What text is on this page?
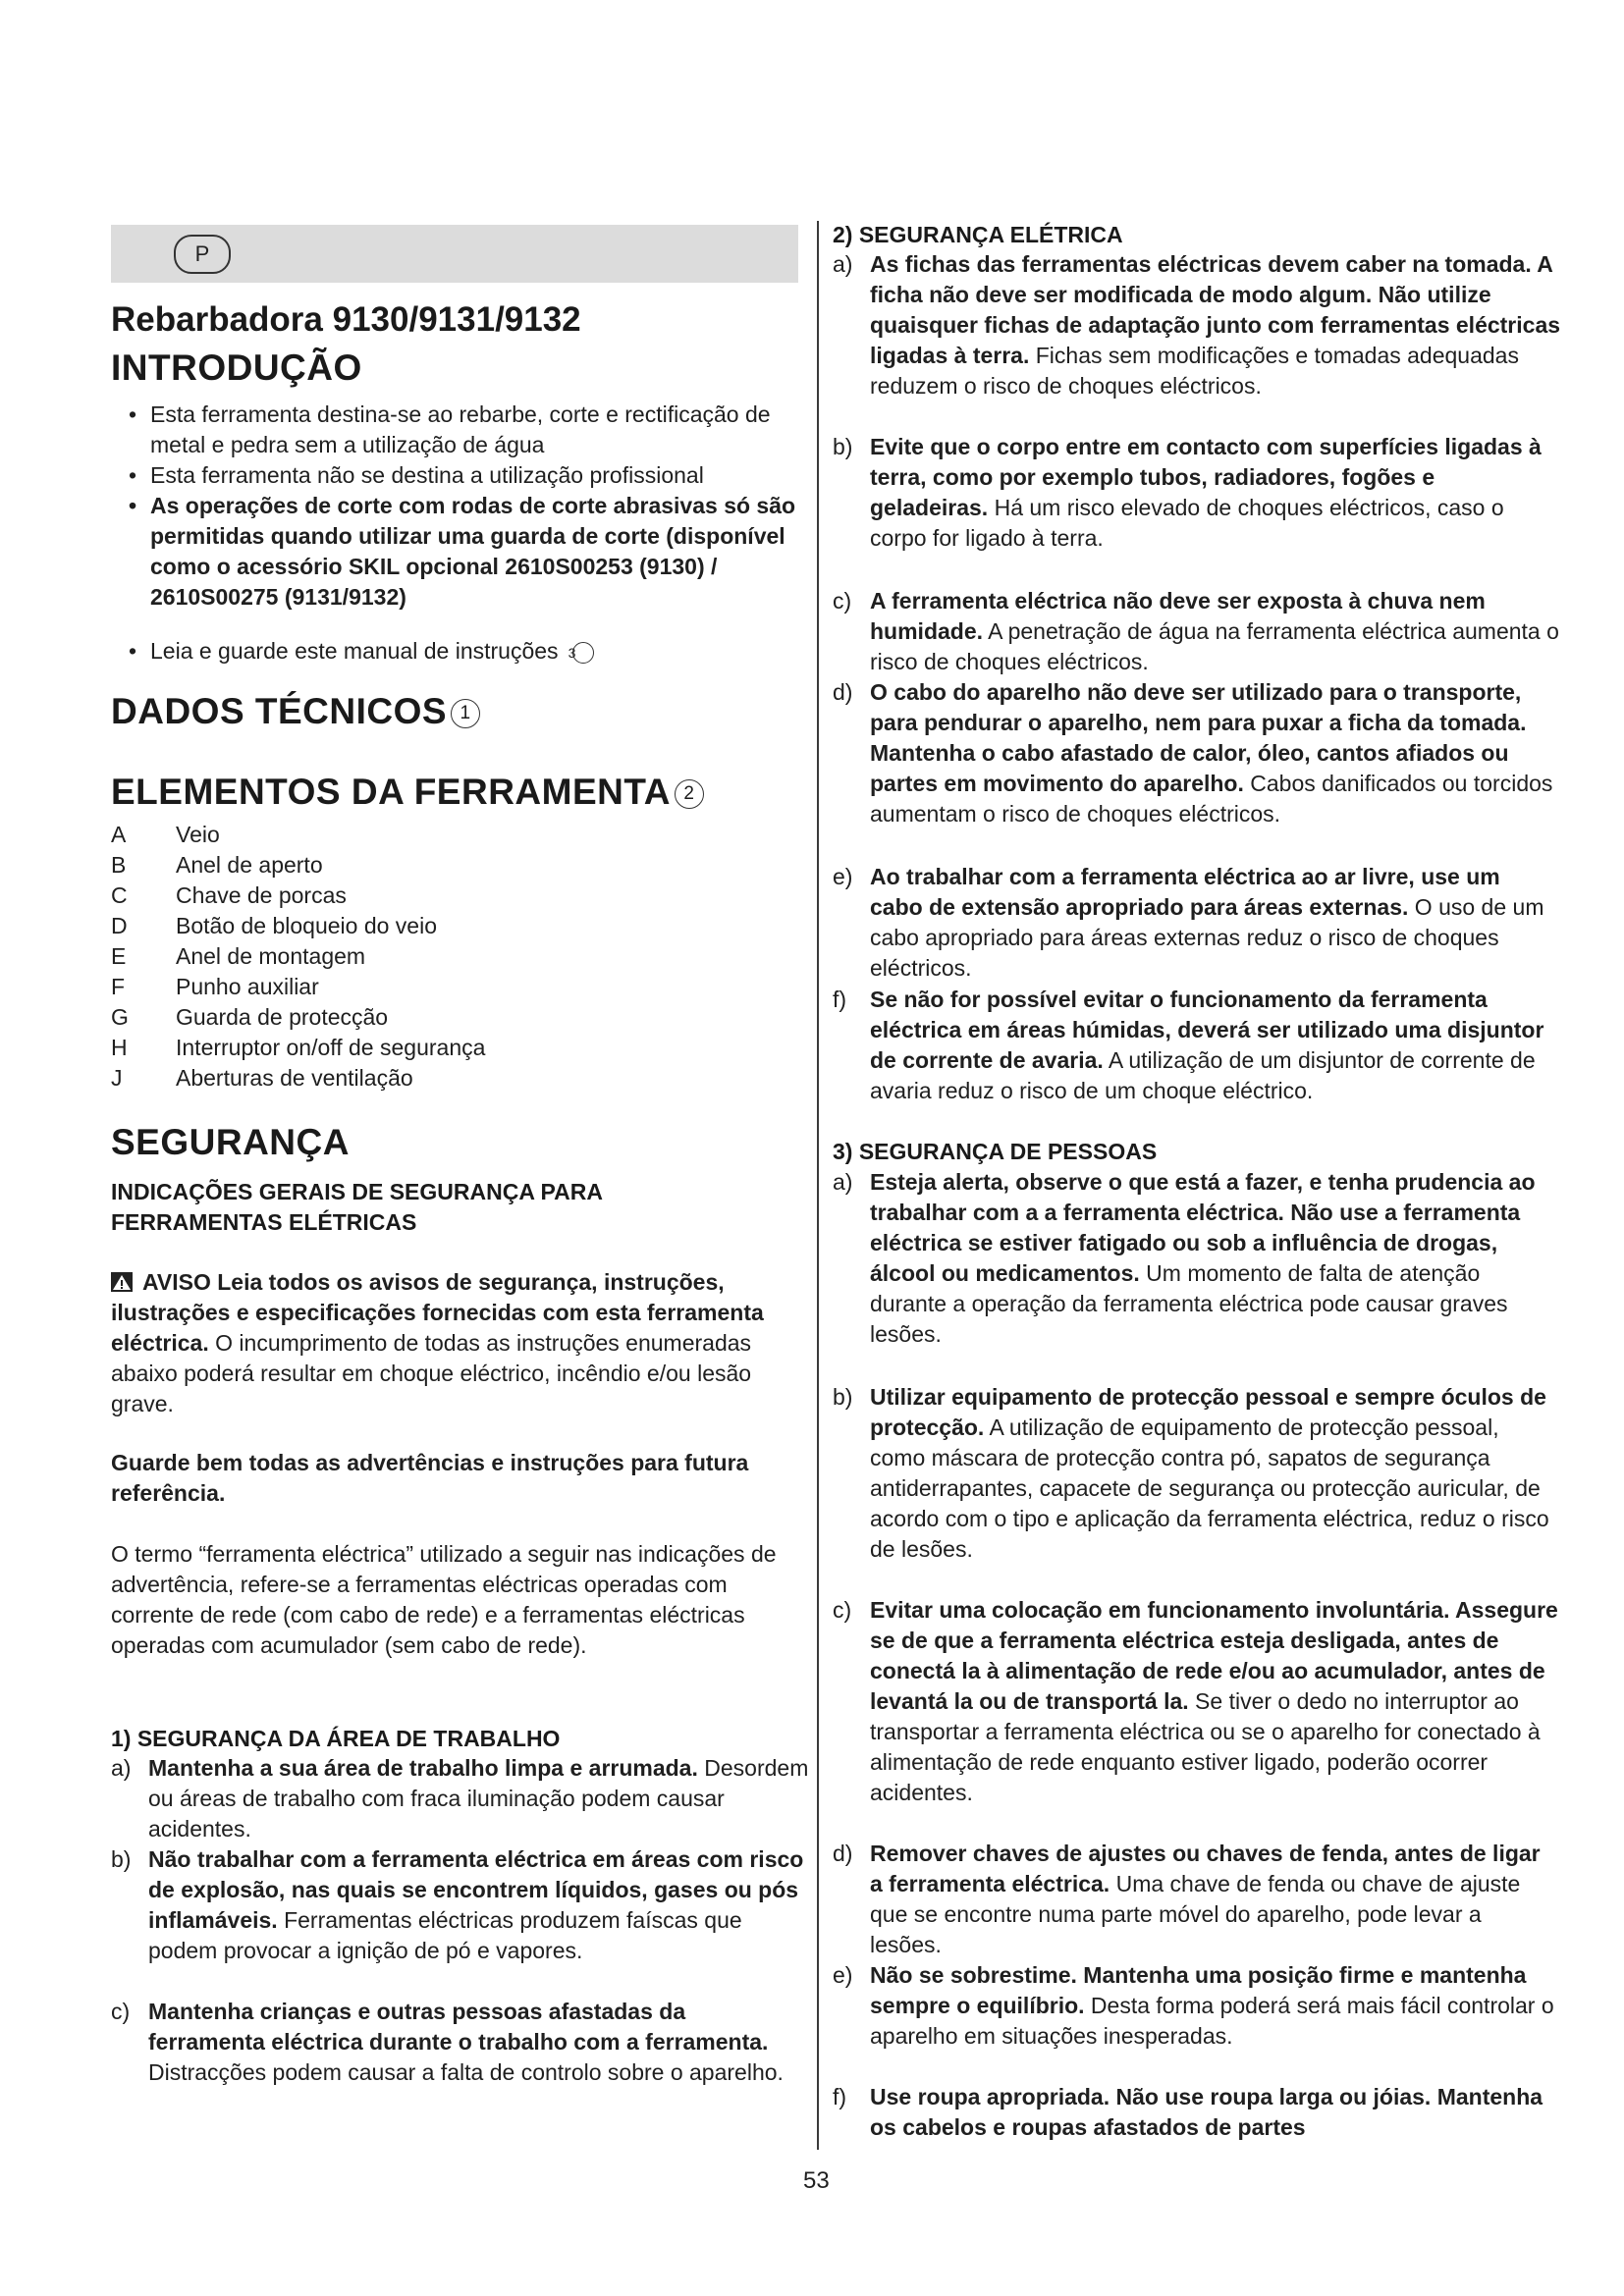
P
Rebarbadora 9130/9131/9132
INTRODUÇÃO
• Esta ferramenta destina-se ao rebarbe, corte e rectificação de metal e pedra sem a utilização de água
• Esta ferramenta não se destina a utilização profissional
• As operações de corte com rodas de corte abrasivas só são permitidas quando utilizar uma guarda de corte (disponível como o acessório SKIL opcional 2610S00253 (9130) / 2610S00275 (9131/9132)
• Leia e guarde este manual de instruções 3
DADOS TÉCNICOS 1
ELEMENTOS DA FERRAMENTA 2
A Veio
B Anel de aperto
C Chave de porcas
D Botão de bloqueio do veio
E Anel de montagem
F Punho auxiliar
G Guarda de protecção
H Interruptor on/off de segurança
J Aberturas de ventilação
SEGURANÇA
INDICAÇÕES GERAIS DE SEGURANÇA PARA FERRAMENTAS ELÉTRICAS
AVISO Leia todos os avisos de segurança, instruções, ilustrações e especificações fornecidas com esta ferramenta eléctrica. O incumprimento de todas as instruções enumeradas abaixo poderá resultar em choque eléctrico, incêndio e/ou lesão grave.
Guarde bem todas as advertências e instruções para futura referência.
O termo “ferramenta eléctrica” utilizado a seguir nas indicações de advertência, refere-se a ferramentas eléctricas operadas com corrente de rede (com cabo de rede) e a ferramentas eléctricas operadas com acumulador (sem cabo de rede).
1) SEGURANÇA DA ÁREA DE TRABALHO
a) Mantenha a sua área de trabalho limpa e arrumada. Desordem ou áreas de trabalho com fraca iluminação podem causar acidentes.
b) Não trabalhar com a ferramenta eléctrica em áreas com risco de explosão, nas quais se encontrem líquidos, gases ou pós inflamáveis. Ferramentas eléctricas produzem faíscas que podem provocar a ignição de pó e vapores.
c) Mantenha crianças e outras pessoas afastadas da ferramenta eléctrica durante o trabalho com a ferramenta. Distracções podem causar a falta de controlo sobre o aparelho.
2) SEGURANÇA ELÉTRICA
a) As fichas das ferramentas eléctricas devem caber na tomada. A ficha não deve ser modificada de modo algum. Não utilize quaisquer fichas de adaptação junto com ferramentas eléctricas ligadas à terra. Fichas sem modificações e tomadas adequadas reduzem o risco de choques eléctricos.
b) Evite que o corpo entre em contacto com superfícies ligadas à terra, como por exemplo tubos, radiadores, fogões e geladeiras. Há um risco elevado de choques eléctricos, caso o corpo for ligado à terra.
c) A ferramenta eléctrica não deve ser exposta à chuva nem humidade. A penetração de água na ferramenta eléctrica aumenta o risco de choques eléctricos.
d) O cabo do aparelho não deve ser utilizado para o transporte, para pendurar o aparelho, nem para puxar a ficha da tomada. Mantenha o cabo afastado de calor, óleo, cantos afiados ou partes em movimento do aparelho. Cabos danificados ou torcidos aumentam o risco de choques eléctricos.
e) Ao trabalhar com a ferramenta eléctrica ao ar livre, use um cabo de extensão apropriado para áreas externas. O uso de um cabo apropriado para áreas externas reduz o risco de choques eléctricos.
f) Se não for possível evitar o funcionamento da ferramenta eléctrica em áreas húmidas, deverá ser utilizado uma disjuntor de corrente de avaria. A utilização de um disjuntor de corrente de avaria reduz o risco de um choque eléctrico.
3) SEGURANÇA DE PESSOAS
a) Esteja alerta, observe o que está a fazer, e tenha prudencia ao trabalhar com a a ferramenta eléctrica. Não use a ferramenta eléctrica se estiver fatigado ou sob a influência de drogas, álcool ou medicamentos. Um momento de falta de atenção durante a operação da ferramenta eléctrica pode causar graves lesões.
b) Utilizar equipamento de protecção pessoal e sempre óculos de protecção. A utilização de equipamento de protecção pessoal, como máscara de protecção contra pó, sapatos de segurança antiderrapantes, capacete de segurança ou protecção auricular, de acordo com o tipo e aplicação da ferramenta eléctrica, reduz o risco de lesões.
c) Evitar uma colocação em funcionamento involuntária. Assegure se de que a ferramenta eléctrica esteja desligada, antes de conectá la à alimentação de rede e/ou ao acumulador, antes de levantá la ou de transportá la. Se tiver o dedo no interruptor ao transportar a ferramenta eléctrica ou se o aparelho for conectado à alimentação de rede enquanto estiver ligado, poderão ocorrer acidentes.
d) Remover chaves de ajustes ou chaves de fenda, antes de ligar a ferramenta eléctrica. Uma chave de fenda ou chave de ajuste que se encontre numa parte móvel do aparelho, pode levar a lesões.
e) Não se sobrestime. Mantenha uma posição firme e mantenha sempre o equilíbrio. Desta forma poderá será mais fácil controlar o aparelho em situações inesperadas.
f) Use roupa apropriada. Não use roupa larga ou jóias. Mantenha os cabelos e roupas afastados de partes
53
